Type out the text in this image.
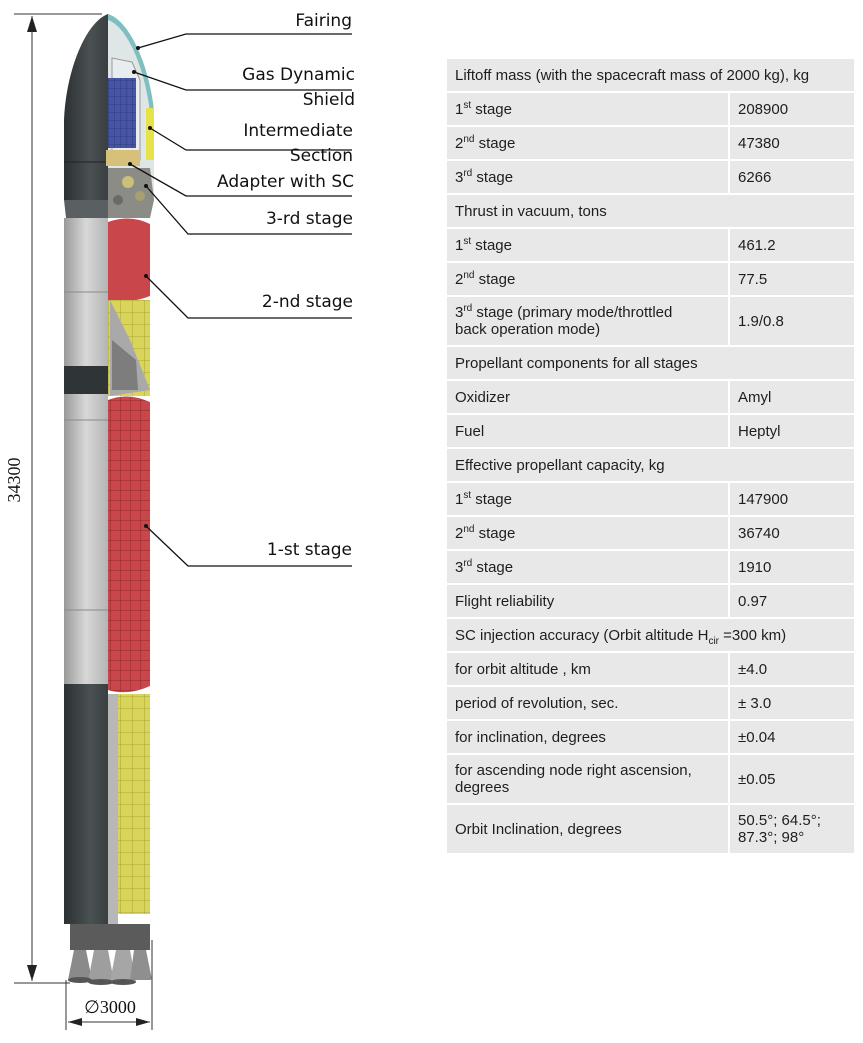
34300
∅3000
Fairing
Gas Dynamic
Shield
Intermediate
Section
Adapter with SC
3-rd stage
2-nd stage
1-st stage
Liftoff mass (with the spacecraft mass of 2000 kg), kg	
1st stage	208900
2nd stage	47380
3rd stage	6266
Thrust in vacuum, tons	
1st stage	461.2
2nd stage	77.5
3rd stage (primary mode/throttled
back operation mode)	1.9/0.8
Propellant components for all stages	
Oxidizer	Amyl
Fuel	Heptyl
Effective propellant capacity, kg	
1st stage	147900
2nd stage	36740
3rd stage	1910
Flight reliability	0.97
SC injection accuracy (Orbit altitude $H_{cir} =300$ km)	
for orbit altitude , km	±4.0
period of revolution, sec.	± 3.0
for inclination, degrees	±0.04
for ascending node right ascension,
degrees	±0.05
Orbit Inclination, degrees	50.5°; 64.5°;
87.3°; 98°
